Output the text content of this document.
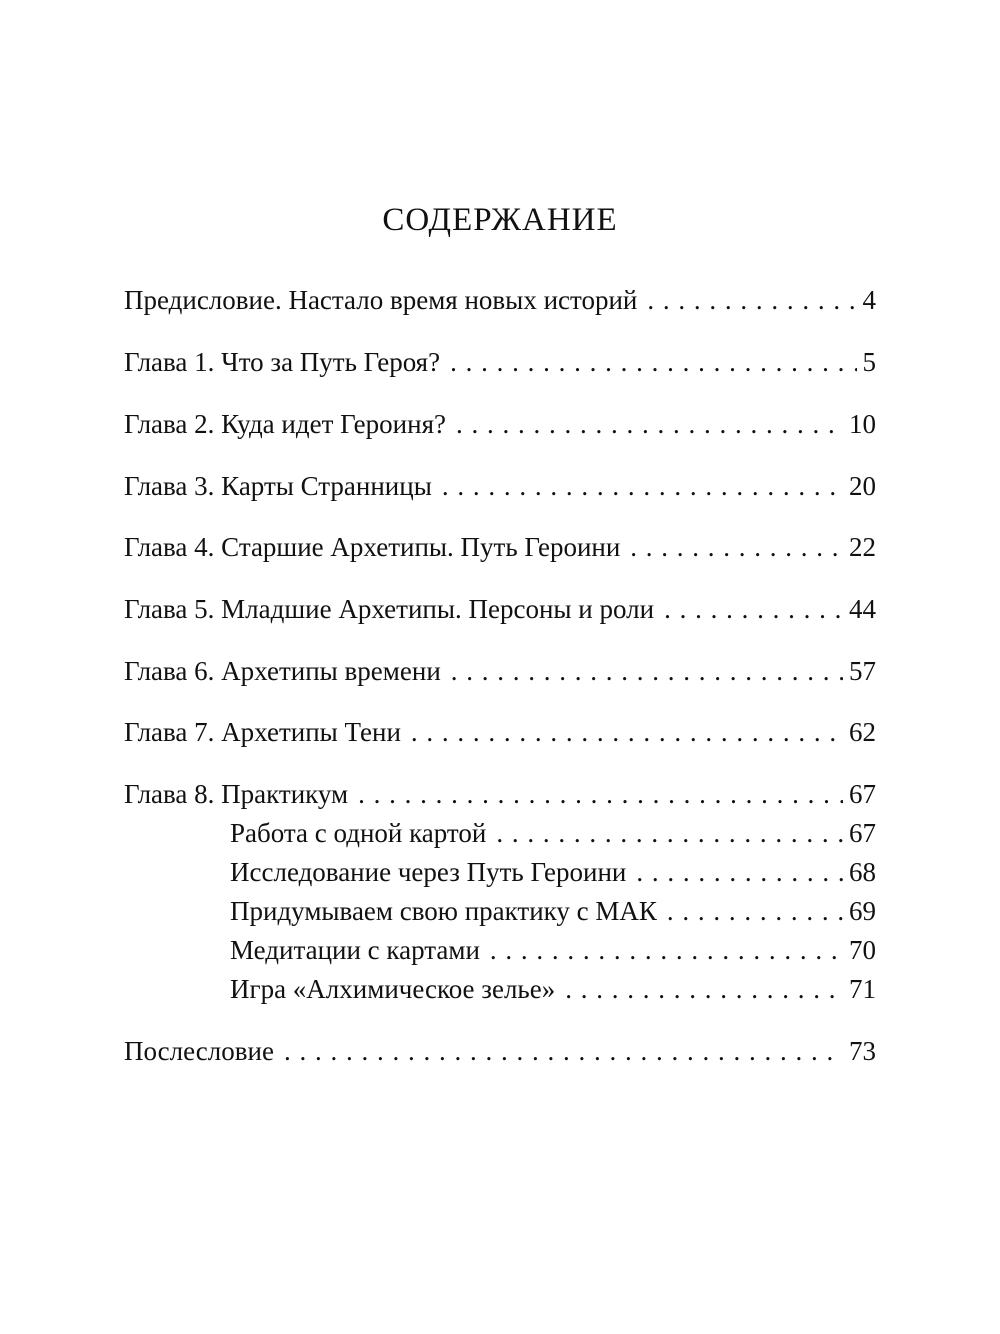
СОДЕРЖАНИЕ
Предисловие. Настало время новых историй . . .	4
Глава 1. Что за Путь Героя? . . .	5
Глава 2. Куда идет Героиня? . . .	10
Глава 3. Карты Странницы . . .	20
Глава 4. Старшие Архетипы. Путь Героини . . .	22
Глава 5. Младшие Архетипы. Персоны и роли . . .	44
Глава 6. Архетипы времени . . .	57
Глава 7. Архетипы Тени . . .	62
Глава 8. Практикум . . .	67
Работа с одной картой . . .	67
Исследование через Путь Героини . . .	68
Придумываем свою практику с МАК . . .	69
Медитации с картами . . .	70
Игра «Алхимическое зелье» . . .	71
Послесловие . . .	73
